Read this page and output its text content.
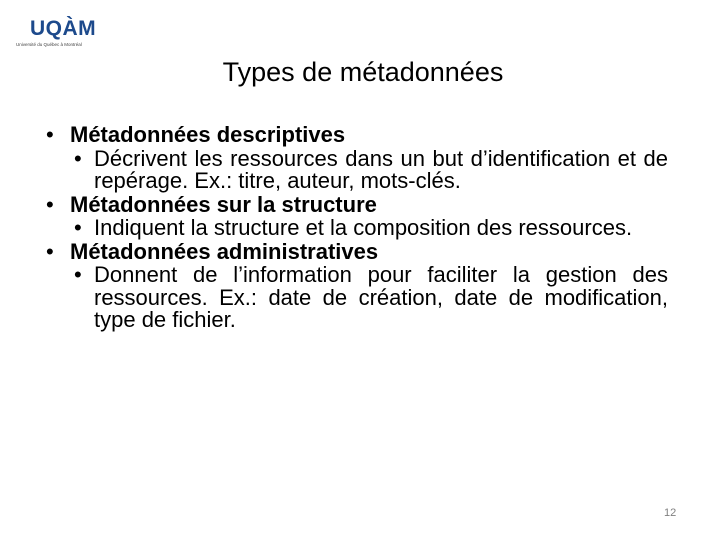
UQÀM
Université du Québec à Montréal
Types de métadonnées
• Métadonnées descriptives
• Décrivent les ressources dans un but d’identification et de repérage. Ex.: titre, auteur, mots-clés.
• Métadonnées sur la structure
• Indiquent la structure et la composition des ressources.
• Métadonnées administratives
• Donnent de l’information pour faciliter la gestion des ressources. Ex.: date de création, date de modification, type de fichier.
12
